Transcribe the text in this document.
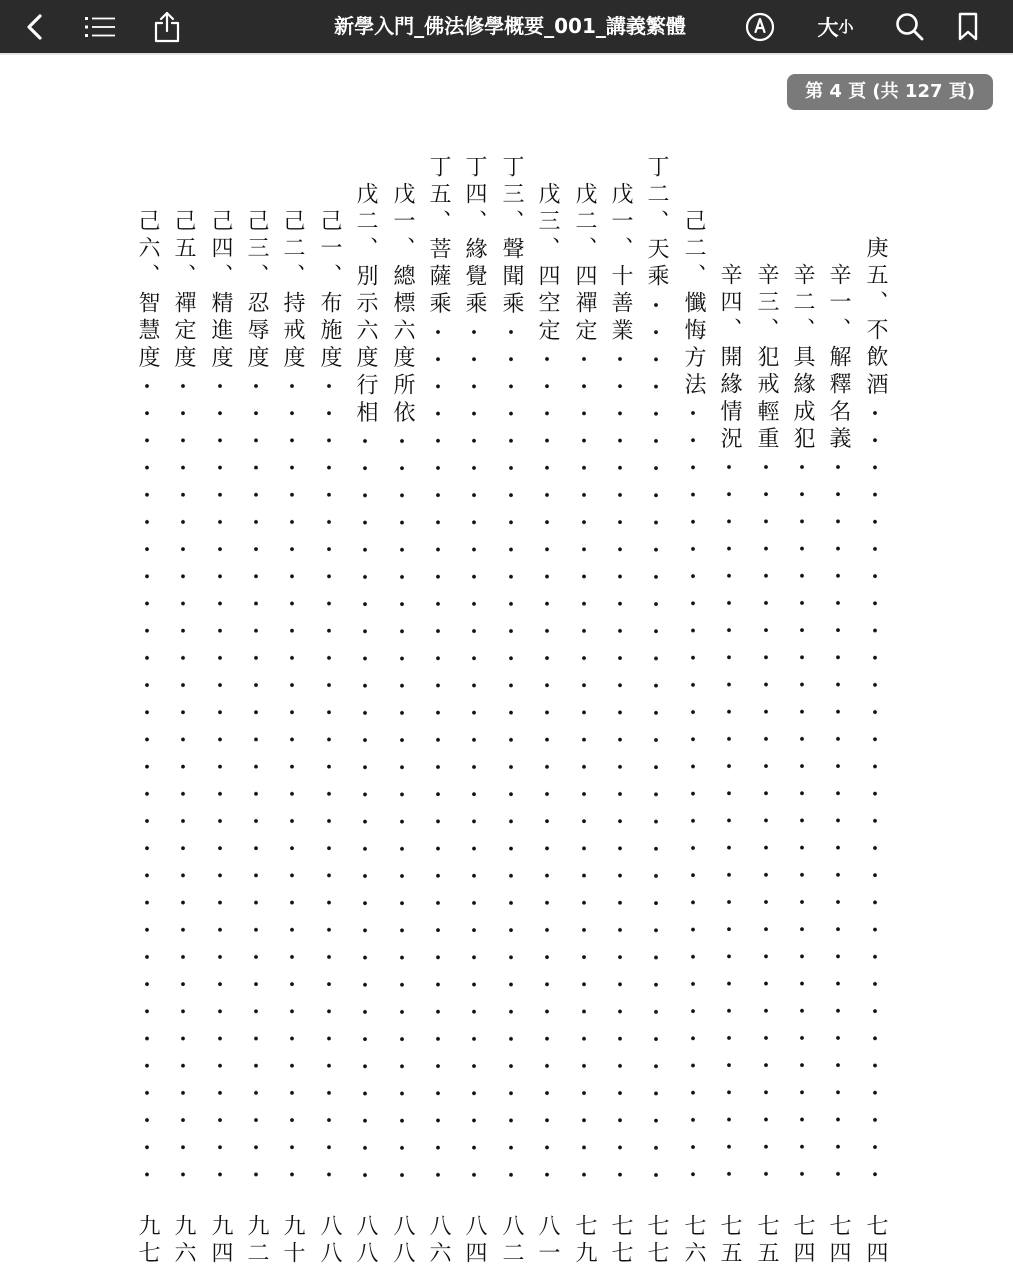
新學入門_佛法修學概要_001_講義繁體	大 小
第 4 頁 (共 127 頁)
庚五、不飲酒
七四
辛一、解釋名義
七四
辛二、具緣成犯
七四
辛三、犯戒輕重
七五
辛四、開緣情況
七五
己二、懺悔方法
七六
丁二、天乘
七七
戊一、十善業
七七
戊二、四禪定
七九
戊三、四空定
八一
丁三、聲聞乘
八二
丁四、緣覺乘
八四
丁五、菩薩乘
八六
戊一、總標六度所依
八八
戊二、別示六度行相
八八
己一、布施度
八八
己二、持戒度
九十
己三、忍辱度
九二
己四、精進度
九四
己五、禪定度
九六
己六、智慧度
九七
